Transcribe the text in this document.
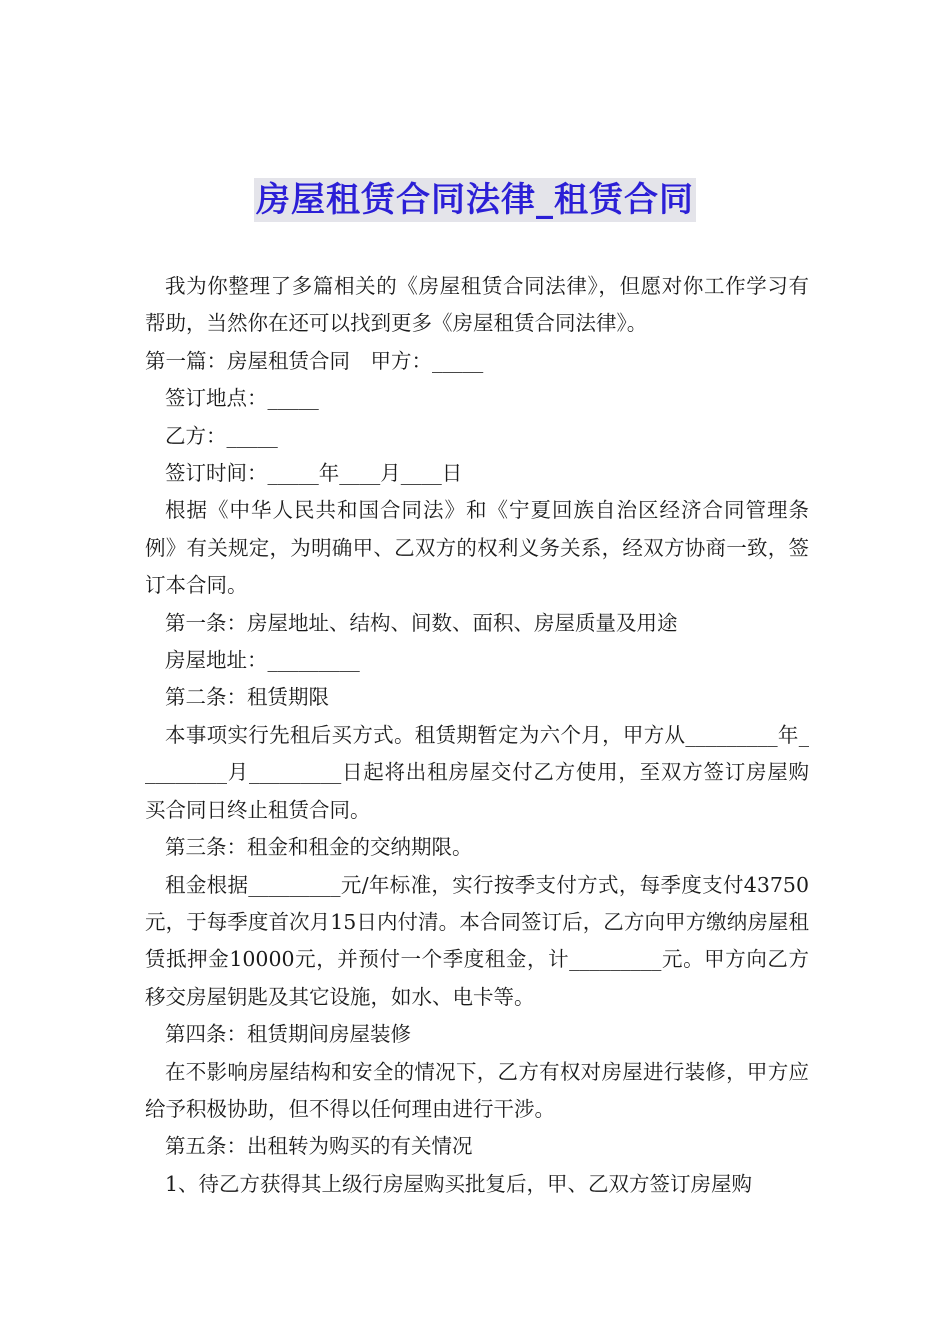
房屋租赁合同法律_租赁合同

我为你整理了多篇相关的《房屋租赁合同法律》，但愿对你工作学习有帮助，当然你在还可以找到更多《房屋租赁合同法律》。

第一篇：房屋租赁合同　甲方：_____

签订地点：_____

乙方：_____

签订时间：_____年____月____日

根据《中华人民共和国合同法》和《宁夏回族自治区经济合同管理条例》有关规定，为明确甲、乙双方的权利义务关系，经双方协商一致，签订本合同。

第一条：房屋地址、结构、间数、面积、房屋质量及用途

房屋地址：_________

第二条：租赁期限

本事项实行先租后买方式。租赁期暂定为六个月，甲方从_________年_________月_________日起将出租房屋交付乙方使用，至双方签订房屋购买合同日终止租赁合同。

第三条：租金和租金的交纳期限。

租金根据_________元/年标准，实行按季支付方式，每季度支付43750元，于每季度首次月15日内付清。本合同签订后，乙方向甲方缴纳房屋租赁抵押金10000元，并预付一个季度租金，计_________元。甲方向乙方移交房屋钥匙及其它设施，如水、电卡等。

第四条：租赁期间房屋装修

在不影响房屋结构和安全的情况下，乙方有权对房屋进行装修，甲方应给予积极协助，但不得以任何理由进行干涉。

第五条：出租转为购买的有关情况

1、待乙方获得其上级行房屋购买批复后，甲、乙双方签订房屋购
